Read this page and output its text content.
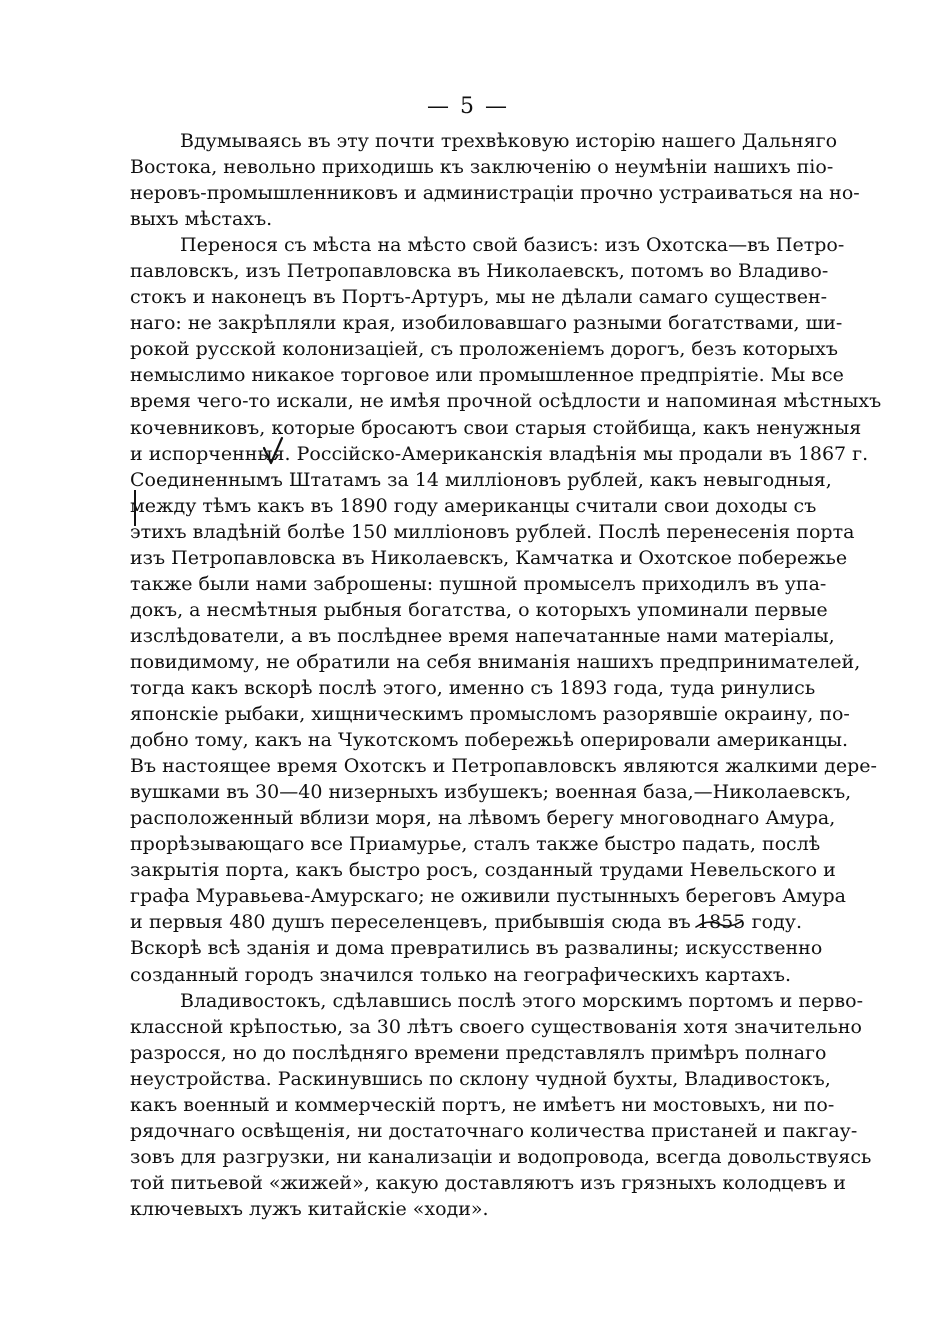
— 5 —
Вдумываясь въ эту почти трехвѣковую исторію нашего Дальняго
Востока, невольно приходишь къ заключенію о неумѣніи нашихъ піо-
неровъ-промышленниковъ и администраціи прочно устраиваться на но-
выхъ мѣстахъ.
Перенося съ мѣста на мѣсто свой базисъ: изъ Охотска—въ Петро-
павловскъ, изъ Петропавловска въ Николаевскъ, потомъ во Владиво-
стокъ и наконецъ въ Портъ-Артуръ, мы не дѣлали самаго существен-
наго: не закрѣпляли края, изобиловавшаго разными богатствами, ши-
рокой русской колонизаціей, съ проложеніемъ дорогъ, безъ которыхъ
немыслимо никакое торговое или промышленное предпріятіе. Мы все
время чего-то искали, не имѣя прочной осѣдлости и напоминая мѣстныхъ
кочевниковъ, которые бросаютъ свои старыя стойбища, какъ ненужныя
и испорченныя. Россійско-Американскія владѣнія мы продали въ 1867 г.
Соединеннымъ Штатамъ за 14 милліоновъ рублей, какъ невыгодныя,
между тѣмъ какъ въ 1890 году американцы считали свои доходы съ
этихъ владѣній болѣе 150 милліоновъ рублей. Послѣ перенесенія порта
изъ Петропавловска въ Николаевскъ, Камчатка и Охотское побережье
также были нами заброшены: пушной промыселъ приходилъ въ упа-
докъ, а несмѣтныя рыбныя богатства, о которыхъ упоминали первые
изслѣдователи, а въ послѣднее время напечатанные нами матеріалы,
повидимому, не обратили на себя вниманія нашихъ предпринимателей,
тогда какъ вскорѣ послѣ этого, именно съ 1893 года, туда ринулись
японскіе рыбаки, хищническимъ промысломъ разорявшіе окраину, по-
добно тому, какъ на Чукотскомъ побережьѣ оперировали американцы.
Въ настоящее время Охотскъ и Петропавловскъ являются жалкими дере-
вушками въ 30—40 низерныхъ избушекъ; военная база,—Николаевскъ,
расположенный вблизи моря, на лѣвомъ берегу многоводнаго Амура,
прорѣзывающаго все Приамурье, сталъ также быстро падать, послѣ
закрытія порта, какъ быстро росъ, созданный трудами Невельского и
графа Муравьева-Амурскаго; не оживили пустынныхъ береговъ Амура
и первыя 480 душъ переселенцевъ, прибывшія сюда въ 1855 году.
Вскорѣ всѣ зданія и дома превратились въ развалины; искусственно
созданный городъ значился только на географическихъ картахъ.
Владивостокъ, сдѣлавшись послѣ этого морскимъ портомъ и перво-
классной крѣпостью, за 30 лѣтъ своего существованія хотя значительно
разросся, но до послѣдняго времени представлялъ примѣръ полнаго
неустройства. Раскинувшись по склону чудной бухты, Владивостокъ,
какъ военный и коммерческій портъ, не имѣетъ ни мостовыхъ, ни по-
рядочнаго освѣщенія, ни достаточнаго количества пристаней и пакгау-
зовъ для разгрузки, ни канализаціи и водопровода, всегда довольствуясь
той питьевой «жижей», какую доставляютъ изъ грязныхъ колодцевъ и
ключевыхъ лужъ китайскіе «ходи».
